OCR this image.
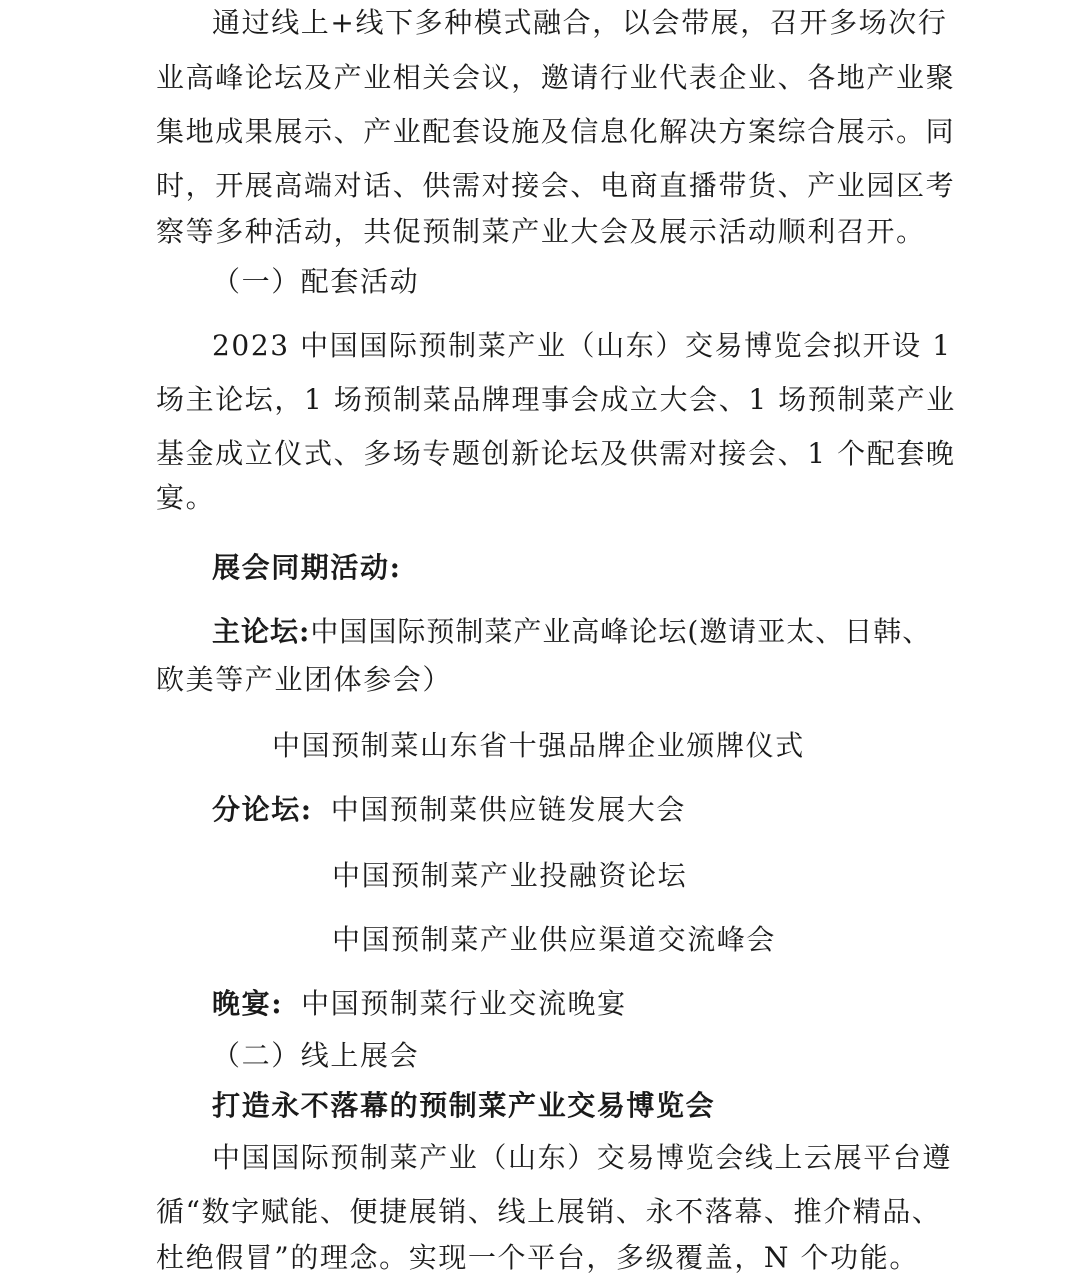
通过线上+线下多种模式融合，以会带展，召开多场次行

业高峰论坛及产业相关会议，邀请行业代表企业、各地产业聚

集地成果展示、产业配套设施及信息化解决方案综合展示。同

时，开展高端对话、供需对接会、电商直播带货、产业园区考

察等多种活动，共促预制菜产业大会及展示活动顺利召开。

（一）配套活动

2023 中国国际预制菜产业（山东）交易博览会拟开设 1

场主论坛，1 场预制菜品牌理事会成立大会、1 场预制菜产业

基金成立仪式、多场专题创新论坛及供需对接会、1 个配套晚

宴。

展会同期活动:

主论坛:中国国际预制菜产业高峰论坛(邀请亚太、日韩、

欧美等产业团体参会）

中国预制菜山东省十强品牌企业颁牌仪式

分论坛: 中国预制菜供应链发展大会

中国预制菜产业投融资论坛

中国预制菜产业供应渠道交流峰会

晚宴: 中国预制菜行业交流晚宴

（二）线上展会

打造永不落幕的预制菜产业交易博览会

中国国际预制菜产业（山东）交易博览会线上云展平台遵

循“数字赋能、便捷展销、线上展销、永不落幕、推介精品、

杜绝假冒”的理念。实现一个平台，多级覆盖，N 个功能。
